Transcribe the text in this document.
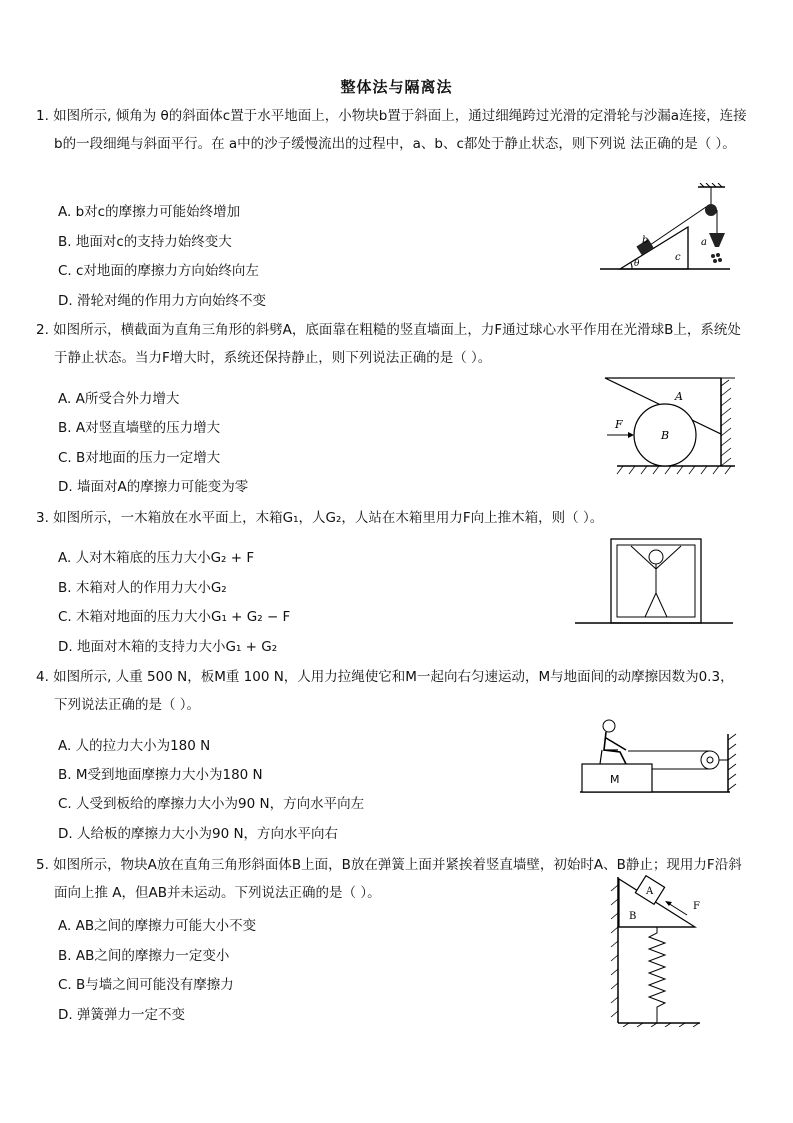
整体法与隔离法

1. 如图所示, 倾角为 θ的斜面体c置于水平地面上，小物块b置于斜面上，通过细绳跨过光滑的定滑轮与沙漏a连接，连接b的一段细绳与斜面平行。在 a中的沙子缓慢流出的过程中，a、b、c都处于静止状态，则下列说 法正确的是（ ）。

A. b对c的摩擦力可能始终增加
B. 地面对c的支持力始终变大
C. c对地面的摩擦力方向始终向左
D. 滑轮对绳的作用力方向始终不变
θ
b	a
c

2. 如图所示，横截面为直角三角形的斜劈A，底面靠在粗糙的竖直墙面上，力F通过球心水平作用在光滑球B上，系统处于静止状态。当力F增大时，系统还保持静止，则下列说法正确的是（ ）。

A. A所受合外力增大
B. A对竖直墙壁的压力增大
C. B对地面的压力一定增大
D. 墙面对A的摩擦力可能变为零
A
B
F

3. 如图所示，一木箱放在水平面上，木箱G₁，人G₂，人站在木箱里用力F向上推木箱，则（ ）。

A. 人对木箱底的压力大小G₂ + F
B. 木箱对人的作用力大小G₂
C. 木箱对地面的压力大小G₁ + G₂ − F
D. 地面对木箱的支持力大小G₁ + G₂

4. 如图所示, 人重 500 N，板M重 100 N，人用力拉绳使它和M一起向右匀速运动，M与地面间的动摩擦因数为0.3，下列说法正确的是（ ）。

A. 人的拉力大小为180 N
B. M受到地面摩擦力大小为180 N
C. 人受到板给的摩擦力大小为90 N，方向水平向左
D. 人给板的摩擦力大小为90 N，方向水平向右
M

5. 如图所示，物块A放在直角三角形斜面体B上面，B放在弹簧上面并紧挨着竖直墙壁，初始时A、B静止；现用力F沿斜面向上推 A，但AB并未运动。下列说法正确的是（ ）。

A. AB之间的摩擦力可能大小不变
B. AB之间的摩擦力一定变小
C. B与墙之间可能没有摩擦力
D. 弹簧弹力一定不变
A
B
F
